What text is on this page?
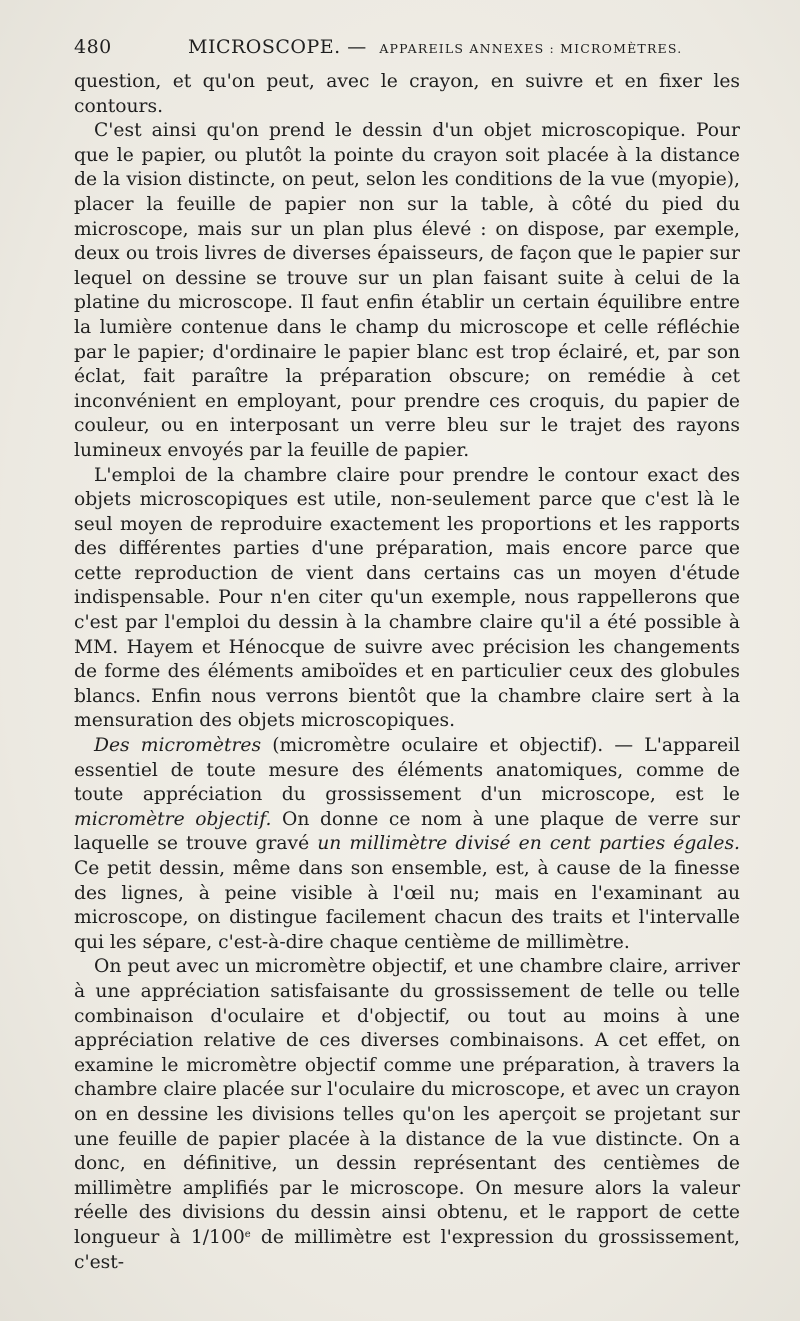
480	MICROSCOPE. — APPAREILS ANNEXES : MICROMÈTRES.

question, et qu'on peut, avec le crayon, en suivre et en fixer les contours.

C'est ainsi qu'on prend le dessin d'un objet microscopique. Pour que le papier, ou plutôt la pointe du crayon soit placée à la distance de la vision distincte, on peut, selon les conditions de la vue (myopie), placer la feuille de papier non sur la table, à côté du pied du microscope, mais sur un plan plus élevé : on dispose, par exemple, deux ou trois livres de diverses épaisseurs, de façon que le papier sur lequel on dessine se trouve sur un plan faisant suite à celui de la platine du microscope. Il faut enfin établir un certain équilibre entre la lumière contenue dans le champ du microscope et celle réfléchie par le papier; d'ordinaire le papier blanc est trop éclairé, et, par son éclat, fait paraître la préparation obscure; on remédie à cet inconvénient en employant, pour prendre ces croquis, du papier de couleur, ou en interposant un verre bleu sur le trajet des rayons lumineux envoyés par la feuille de papier.

L'emploi de la chambre claire pour prendre le contour exact des objets microscopiques est utile, non-seulement parce que c'est là le seul moyen de reproduire exactement les proportions et les rapports des différentes parties d'une préparation, mais encore parce que cette reproduction de vient dans certains cas un moyen d'étude indispensable. Pour n'en citer qu'un exemple, nous rappellerons que c'est par l'emploi du dessin à la chambre claire qu'il a été possible à MM. Hayem et Hénocque de suivre avec précision les changements de forme des éléments amiboïdes et en particulier ceux des globules blancs. Enfin nous verrons bientôt que la chambre claire sert à la mensuration des objets microscopiques.

Des micromètres (micromètre oculaire et objectif). — L'appareil essentiel de toute mesure des éléments anatomiques, comme de toute appréciation du grossissement d'un microscope, est le micromètre objectif. On donne ce nom à une plaque de verre sur laquelle se trouve gravé un millimètre divisé en cent parties égales. Ce petit dessin, même dans son ensemble, est, à cause de la finesse des lignes, à peine visible à l'œil nu; mais en l'examinant au microscope, on distingue facilement chacun des traits et l'intervalle qui les sépare, c'est-à-dire chaque centième de millimètre.

On peut avec un micromètre objectif, et une chambre claire, arriver à une appréciation satisfaisante du grossissement de telle ou telle combinaison d'oculaire et d'objectif, ou tout au moins à une appréciation relative de ces diverses combinaisons. A cet effet, on examine le micromètre objectif comme une préparation, à travers la chambre claire placée sur l'oculaire du microscope, et avec un crayon on en dessine les divisions telles qu'on les aperçoit se projetant sur une feuille de papier placée à la distance de la vue distincte. On a donc, en définitive, un dessin représentant des centièmes de millimètre amplifiés par le microscope. On mesure alors la valeur réelle des divisions du dessin ainsi obtenu, et le rapport de cette longueur à 1/100e de millimètre est l'expression du grossissement, c'est-
